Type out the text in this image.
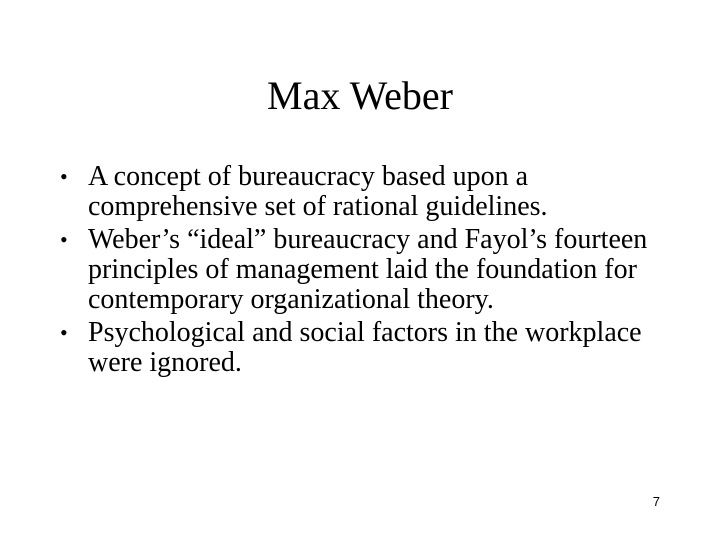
Max Weber
• A concept of bureaucracy based upon a comprehensive set of rational guidelines.
• Weber’s “ideal” bureaucracy and Fayol’s fourteen principles of management laid the foundation for contemporary organizational theory.
• Psychological and social factors in the workplace were ignored.
7
